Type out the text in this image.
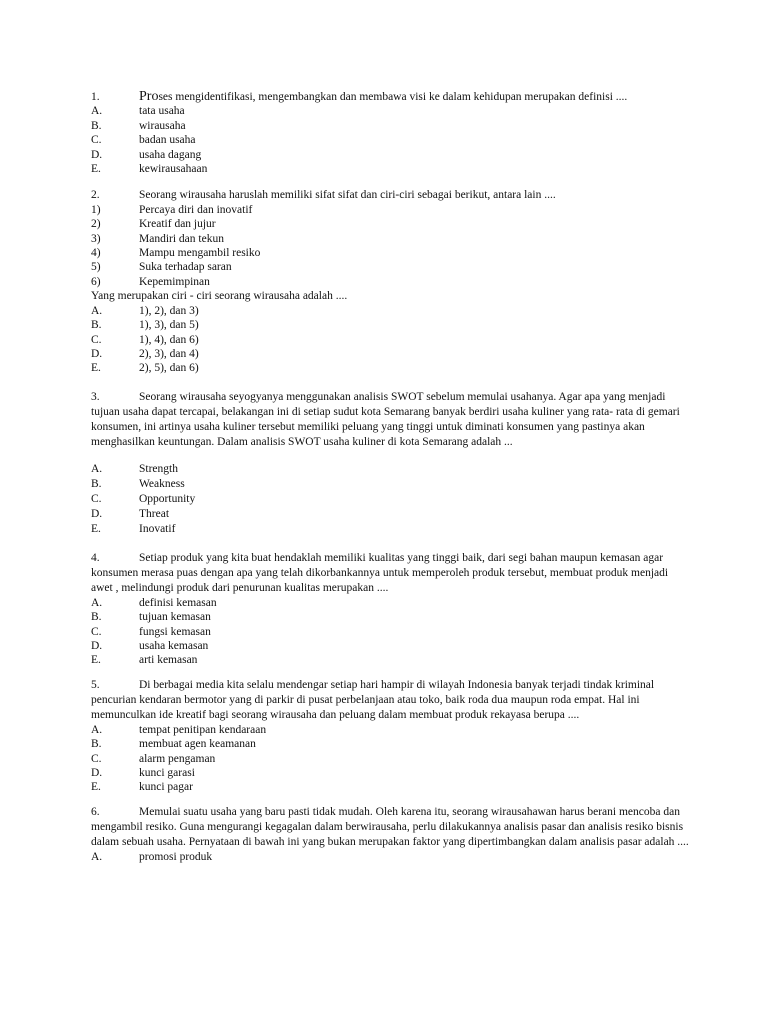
1.	Proses mengidentifikasi, mengembangkan dan membawa visi ke dalam kehidupan merupakan definisi ....
A.	tata usaha
B.	wirausaha
C.	badan usaha
D.	usaha dagang
E.	kewirausahaan
2.	Seorang wirausaha haruslah memiliki sifat sifat dan ciri-ciri sebagai berikut, antara lain ....
1)	Percaya diri dan inovatif
2)	Kreatif dan jujur
3)	Mandiri dan tekun
4)	Mampu mengambil resiko
5)	Suka terhadap saran
6)	Kepemimpinan
Yang merupakan ciri - ciri seorang wirausaha adalah ....
A.	1), 2), dan 3)
B.	1), 3), dan 5)
C.	1), 4), dan 6)
D.	2), 3), dan 4)
E.	2), 5), dan 6)
3.	Seorang wirausaha seyogyanya menggunakan analisis SWOT sebelum memulai usahanya. Agar apa yang menjadi tujuan usaha dapat tercapai, belakangan ini di setiap sudut kota Semarang banyak berdiri usaha kuliner yang rata- rata di gemari konsumen, ini artinya usaha kuliner tersebut memiliki peluang yang tinggi untuk diminati konsumen yang pastinya akan menghasilkan keuntungan. Dalam analisis SWOT usaha kuliner di kota Semarang adalah ...
A.	Strength
B.	Weakness
C.	Opportunity
D.	Threat
E.	Inovatif
4.	Setiap produk yang kita buat hendaklah memiliki kualitas yang tinggi baik, dari segi bahan maupun kemasan agar konsumen merasa puas dengan apa yang telah dikorbankannya untuk memperoleh produk tersebut, membuat produk menjadi awet , melindungi produk dari penurunan kualitas merupakan ....
A.	definisi kemasan
B.	tujuan kemasan
C.	fungsi kemasan
D.	usaha kemasan
E.	arti kemasan
5.	Di berbagai media kita selalu mendengar setiap hari hampir di wilayah Indonesia banyak terjadi tindak kriminal pencurian kendaran bermotor yang di parkir di pusat perbelanjaan atau toko, baik roda dua maupun roda empat. Hal ini memunculkan ide kreatif bagi seorang wirausaha dan peluang dalam membuat produk rekayasa berupa ....
A.	tempat penitipan kendaraan
B.	membuat agen keamanan
C.	alarm pengaman
D.	kunci garasi
E.	kunci pagar
6.	Memulai suatu usaha yang baru pasti tidak mudah. Oleh karena itu, seorang wirausahawan harus berani mencoba dan mengambil resiko. Guna mengurangi kegagalan dalam berwirausaha, perlu dilakukannya analisis pasar dan analisis resiko bisnis dalam sebuah usaha. Pernyataan di bawah ini yang bukan merupakan faktor yang dipertimbangkan dalam analisis pasar adalah ....
A.	promosi produk
